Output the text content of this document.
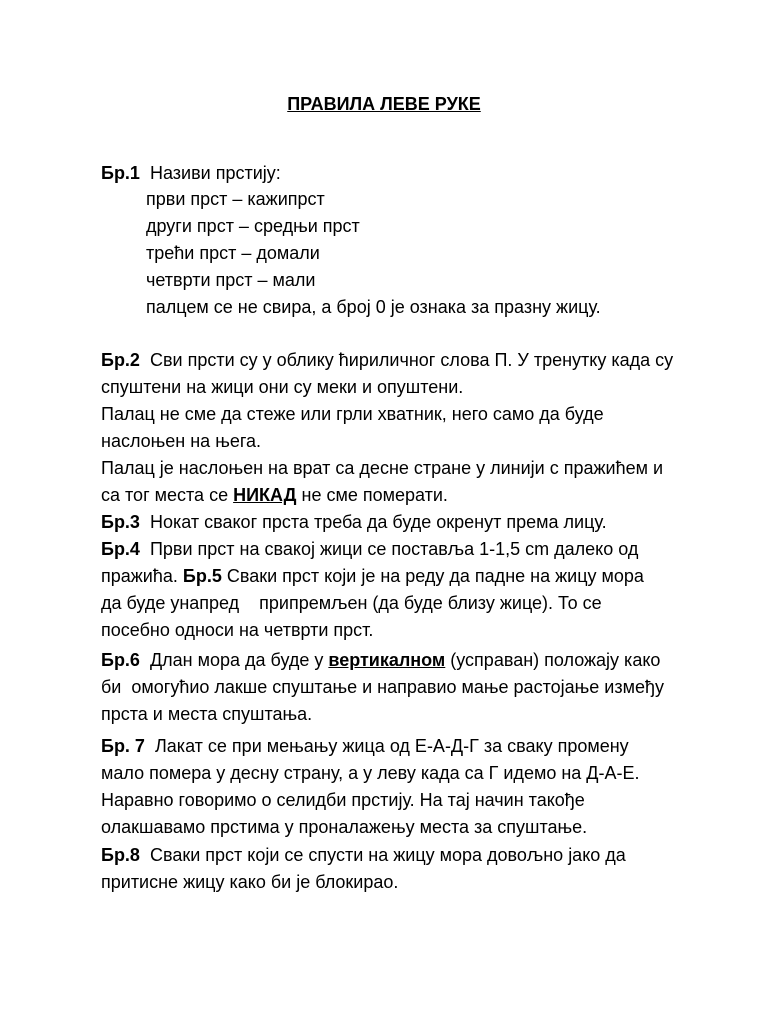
ПРАВИЛА ЛЕВЕ РУКЕ
Бр.1 Називи прстију:
први прст – кажипрст
други прст – средњи прст
трећи прст – домали
четврти прст – мали
палцем се не свира, а број 0 је ознака за празну жицу.
Бр.2 Сви прсти су у облику ћириличног слова П. У тренутку када су
спуштени на жици они су меки и опуштени.
Палац не сме да стеже или грли хватник, него само да буде
наслоњен на њега.
Палац је наслоњен на врат са десне стране у линији с пражићем и
са тог места се НИКАД не сме померати.
Бр.3 Нокат сваког прста треба да буде окренут према лицу.
Бр.4 Први прст на свакој жици се поставља 1-1,5 cm далеко од
пражића. Бр.5 Сваки прст који је на реду да падне на жицу мора
да буде унапред    припремљен (да буде близу жице). То се
посебно односи на четврти прст.
Бр.6 Длан мора да буде у вертикалном (усправан) положају како
би  омогућио лакше спуштање и направио мање растојање између
прста и места спуштања.
Бр. 7 Лакат се при мењању жица од Е-А-Д-Г за сваку промену
мало помера у десну страну, а у леву када са Г идемо на Д-А-Е.
Наравно говоримо о селидби прстију. На тај начин такође
олакшавамо прстима у проналажењу места за спуштање.
Бр.8 Сваки прст који се спусти на жицу мора довољно јако да
притисне жицу како би је блокирао.
